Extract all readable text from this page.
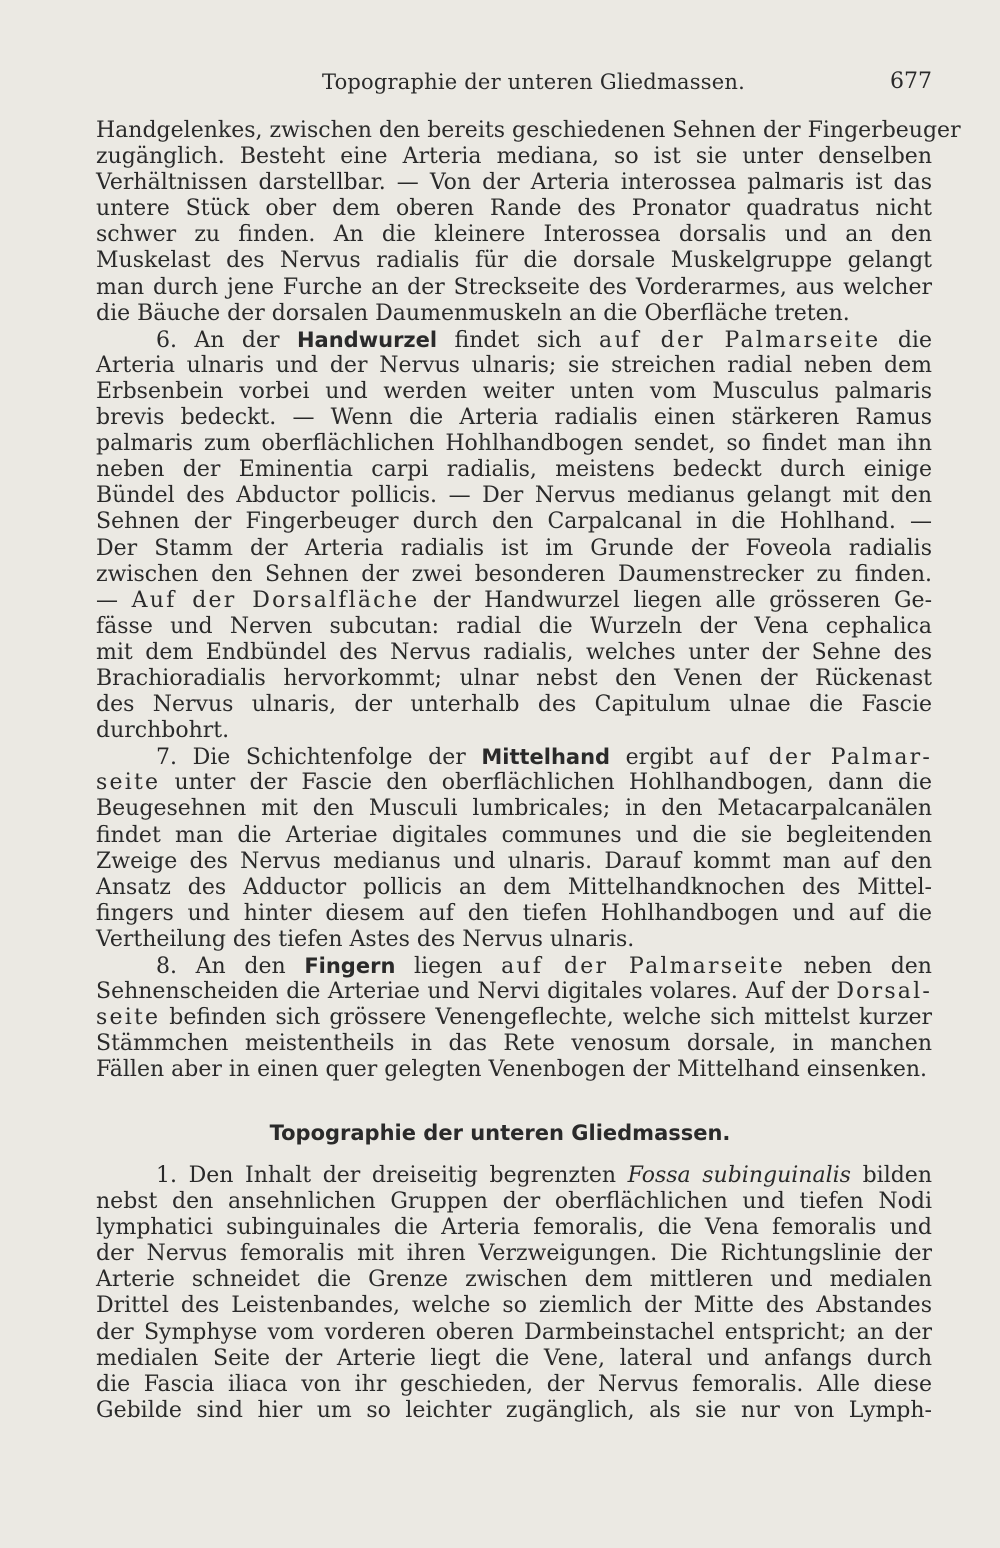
Topographie der unteren Gliedmassen.	677
Handgelenkes, zwischen den bereits geschiedenen Sehnen der Fingerbeuger
zugänglich. Besteht eine Arteria mediana, so ist sie unter denselben
Verhältnissen darstellbar. — Von der Arteria interossea palmaris ist das
untere Stück ober dem oberen Rande des Pronator quadratus nicht
schwer zu finden. An die kleinere Interossea dorsalis und an den
Muskelast des Nervus radialis für die dorsale Muskelgruppe gelangt
man durch jene Furche an der Streckseite des Vorderarmes, aus welcher
die Bäuche der dorsalen Daumenmuskeln an die Oberfläche treten.
6. An der Handwurzel findet sich auf der Palmarseite die
Arteria ulnaris und der Nervus ulnaris; sie streichen radial neben dem
Erbsenbein vorbei und werden weiter unten vom Musculus palmaris
brevis bedeckt. — Wenn die Arteria radialis einen stärkeren Ramus
palmaris zum oberflächlichen Hohlhandbogen sendet, so findet man ihn
neben der Eminentia carpi radialis, meistens bedeckt durch einige
Bündel des Abductor pollicis. — Der Nervus medianus gelangt mit den
Sehnen der Fingerbeuger durch den Carpalcanal in die Hohlhand. —
Der Stamm der Arteria radialis ist im Grunde der Foveola radialis
zwischen den Sehnen der zwei besonderen Daumenstrecker zu finden.
— Auf der Dorsalfläche der Handwurzel liegen alle grösseren Ge-
fässe und Nerven subcutan: radial die Wurzeln der Vena cephalica
mit dem Endbündel des Nervus radialis, welches unter der Sehne des
Brachioradialis hervorkommt; ulnar nebst den Venen der Rückenast
des Nervus ulnaris, der unterhalb des Capitulum ulnae die Fascie
durchbohrt.
7. Die Schichtenfolge der Mittelhand ergibt auf der Palmar-
seite unter der Fascie den oberflächlichen Hohlhandbogen, dann die
Beugesehnen mit den Musculi lumbricales; in den Metacarpalcanälen
findet man die Arteriae digitales communes und die sie begleitenden
Zweige des Nervus medianus und ulnaris. Darauf kommt man auf den
Ansatz des Adductor pollicis an dem Mittelhandknochen des Mittel-
fingers und hinter diesem auf den tiefen Hohlhandbogen und auf die
Vertheilung des tiefen Astes des Nervus ulnaris.
8. An den Fingern liegen auf der Palmarseite neben den
Sehnenscheiden die Arteriae und Nervi digitales volares. Auf der Dorsal-
seite befinden sich grössere Venengeflechte, welche sich mittelst kurzer
Stämmchen meistentheils in das Rete venosum dorsale, in manchen
Fällen aber in einen quer gelegten Venenbogen der Mittelhand einsenken.
Topographie der unteren Gliedmassen.
1. Den Inhalt der dreiseitig begrenzten Fossa subinguinalis bilden
nebst den ansehnlichen Gruppen der oberflächlichen und tiefen Nodi
lymphatici subinguinales die Arteria femoralis, die Vena femoralis und
der Nervus femoralis mit ihren Verzweigungen. Die Richtungslinie der
Arterie schneidet die Grenze zwischen dem mittleren und medialen
Drittel des Leistenbandes, welche so ziemlich der Mitte des Abstandes
der Symphyse vom vorderen oberen Darmbeinstachel entspricht; an der
medialen Seite der Arterie liegt die Vene, lateral und anfangs durch
die Fascia iliaca von ihr geschieden, der Nervus femoralis. Alle diese
Gebilde sind hier um so leichter zugänglich, als sie nur von Lymph-
